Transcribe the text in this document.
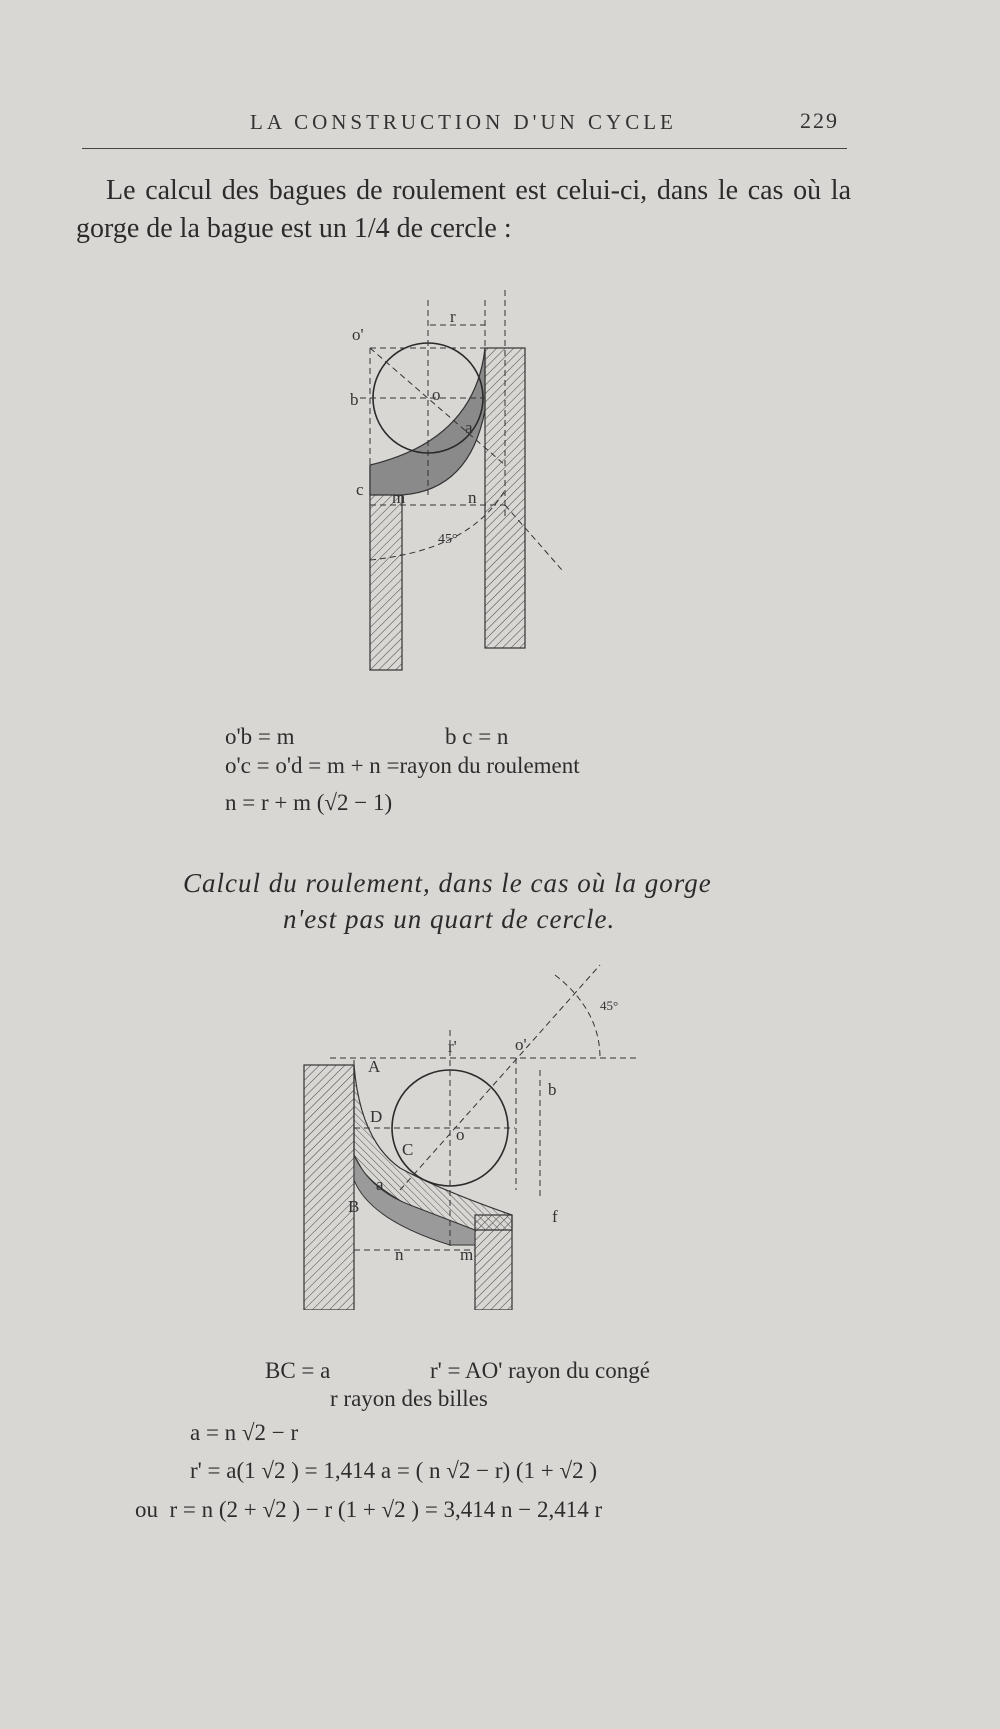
LA CONSTRUCTION D'UN CYCLE	229
Le calcul des bagues de roulement est celui-ci, dans le cas où la gorge de la bague est un 1/4 de cercle :
r
o'
o
b
a
c m	n
45°
o'b = m	b c = n
o'c = o'd = m + n =rayon du roulement
n = r + m (√2 − 1)
Calcul du roulement, dans le cas où la gorge
n'est pas un quart de cercle.
45°
r'	o'
A
b
D
o
C
a
B
f
n	m
BC = a	r' = AO' rayon du congé
r rayon des billes
a = n √2 − r
r' = a(1 √2 ) = 1,414 a = ( n √2 − r) (1 + √2 )
ou  r = n (2 + √2 ) − r (1 + √2 ) = 3,414 n − 2,414 r
